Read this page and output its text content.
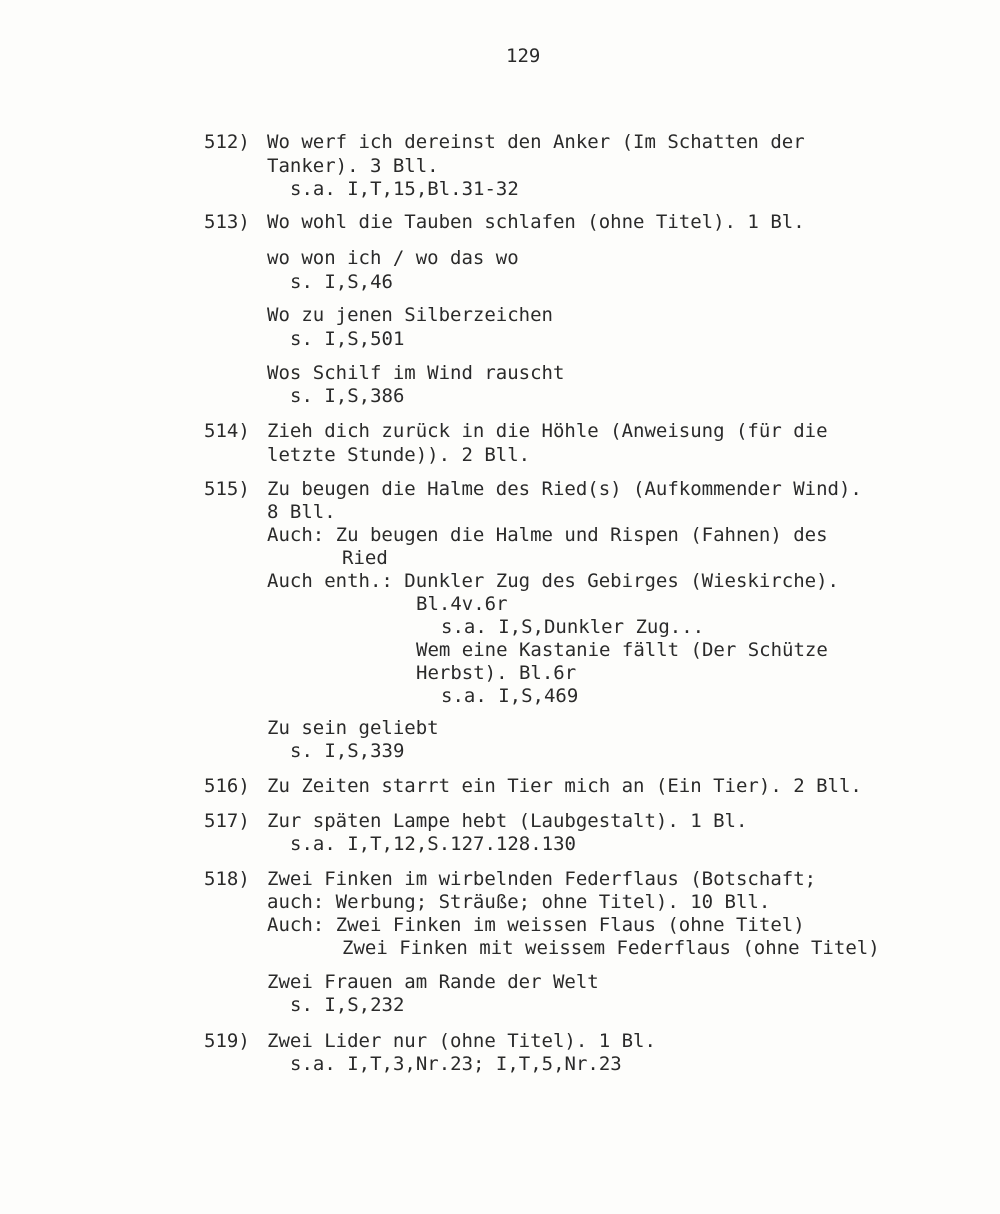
129
512) Wo werf ich dereinst den Anker (Im Schatten der
Tanker). 3 Bll.
s.a. I,T,15,Bl.31-32
513) Wo wohl die Tauben schlafen (ohne Titel). 1 Bl.
wo won ich / wo das wo
s. I,S,46
Wo zu jenen Silberzeichen
s. I,S,501
Wos Schilf im Wind rauscht
s. I,S,386
514) Zieh dich zurück in die Höhle (Anweisung (für die
letzte Stunde)). 2 Bll.
515) Zu beugen die Halme des Ried(s) (Aufkommender Wind).
8 Bll.
Auch: Zu beugen die Halme und Rispen (Fahnen) des
Ried
Auch enth.: Dunkler Zug des Gebirges (Wieskirche).
Bl.4v.6r
s.a. I,S,Dunkler Zug...
Wem eine Kastanie fällt (Der Schütze
Herbst). Bl.6r
s.a. I,S,469
Zu sein geliebt
s. I,S,339
516) Zu Zeiten starrt ein Tier mich an (Ein Tier). 2 Bll.
517) Zur späten Lampe hebt (Laubgestalt). 1 Bl.
s.a. I,T,12,S.127.128.130
518) Zwei Finken im wirbelnden Federflaus (Botschaft;
auch: Werbung; Sträuße; ohne Titel). 10 Bll.
Auch: Zwei Finken im weissen Flaus (ohne Titel)
Zwei Finken mit weissem Federflaus (ohne Titel)
Zwei Frauen am Rande der Welt
s. I,S,232
519) Zwei Lider nur (ohne Titel). 1 Bl.
s.a. I,T,3,Nr.23; I,T,5,Nr.23
